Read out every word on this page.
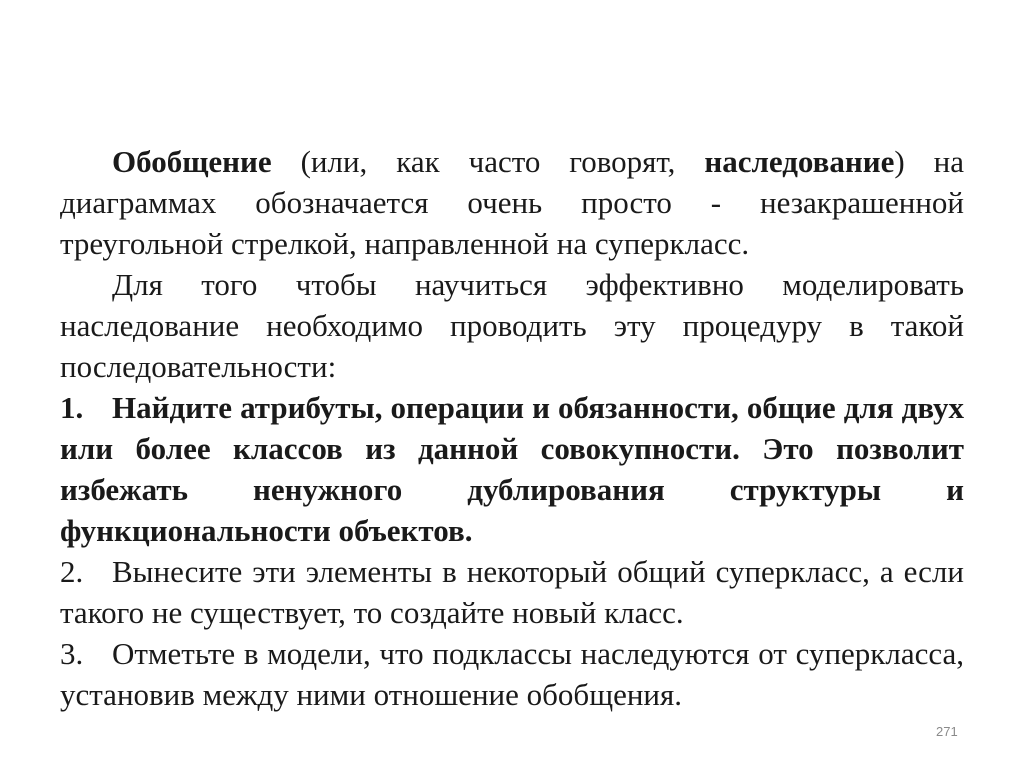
Обобщение (или, как часто говорят, наследование) на диаграммах обозначается очень просто - незакрашенной треугольной стрелкой, направленной на суперкласс.

Для того чтобы научиться эффективно моделировать наследование необходимо проводить эту процедуру в такой последовательности:

1. Найдите атрибуты, операции и обязанности, общие для двух или более классов из данной совокупности. Это позволит избежать ненужного дублирования структуры и функциональности объектов.

2. Вынесите эти элементы в некоторый общий суперкласс, а если такого не существует, то создайте новый класс.

3. Отметьте в модели, что подклассы наследуются от суперкласса, установив между ними отношение обобщения.

271
